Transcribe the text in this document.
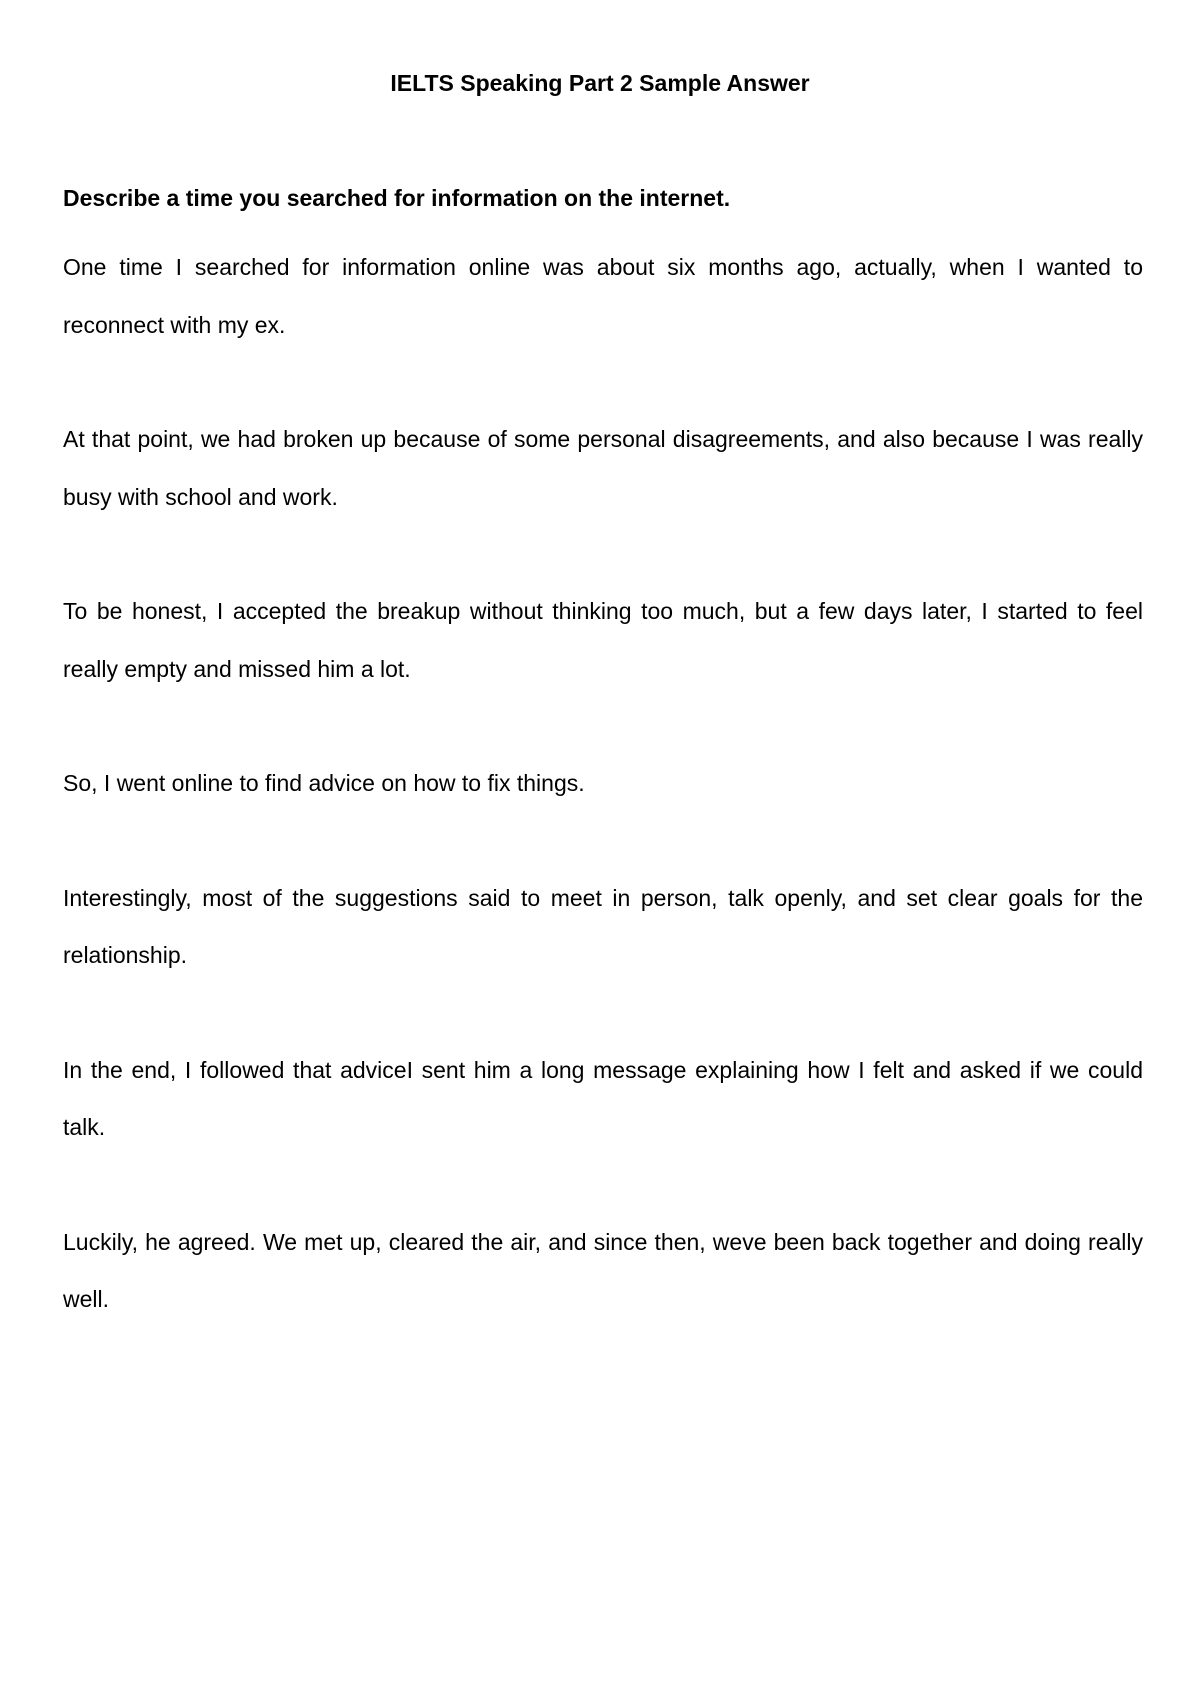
IELTS Speaking Part 2 Sample Answer

Describe a time you searched for information on the internet.

One time I searched for information online was about six months ago, actually, when I wanted to reconnect with my ex.

At that point, we had broken up because of some personal disagreements, and also because I was really busy with school and work.

To be honest, I accepted the breakup without thinking too much, but a few days later, I started to feel really empty and missed him a lot.

So, I went online to find advice on how to fix things.

Interestingly, most of the suggestions said to meet in person, talk openly, and set clear goals for the relationship.

In the end, I followed that adviceI sent him a long message explaining how I felt and asked if we could talk.

Luckily, he agreed. We met up, cleared the air, and since then, weve been back together and doing really well.
